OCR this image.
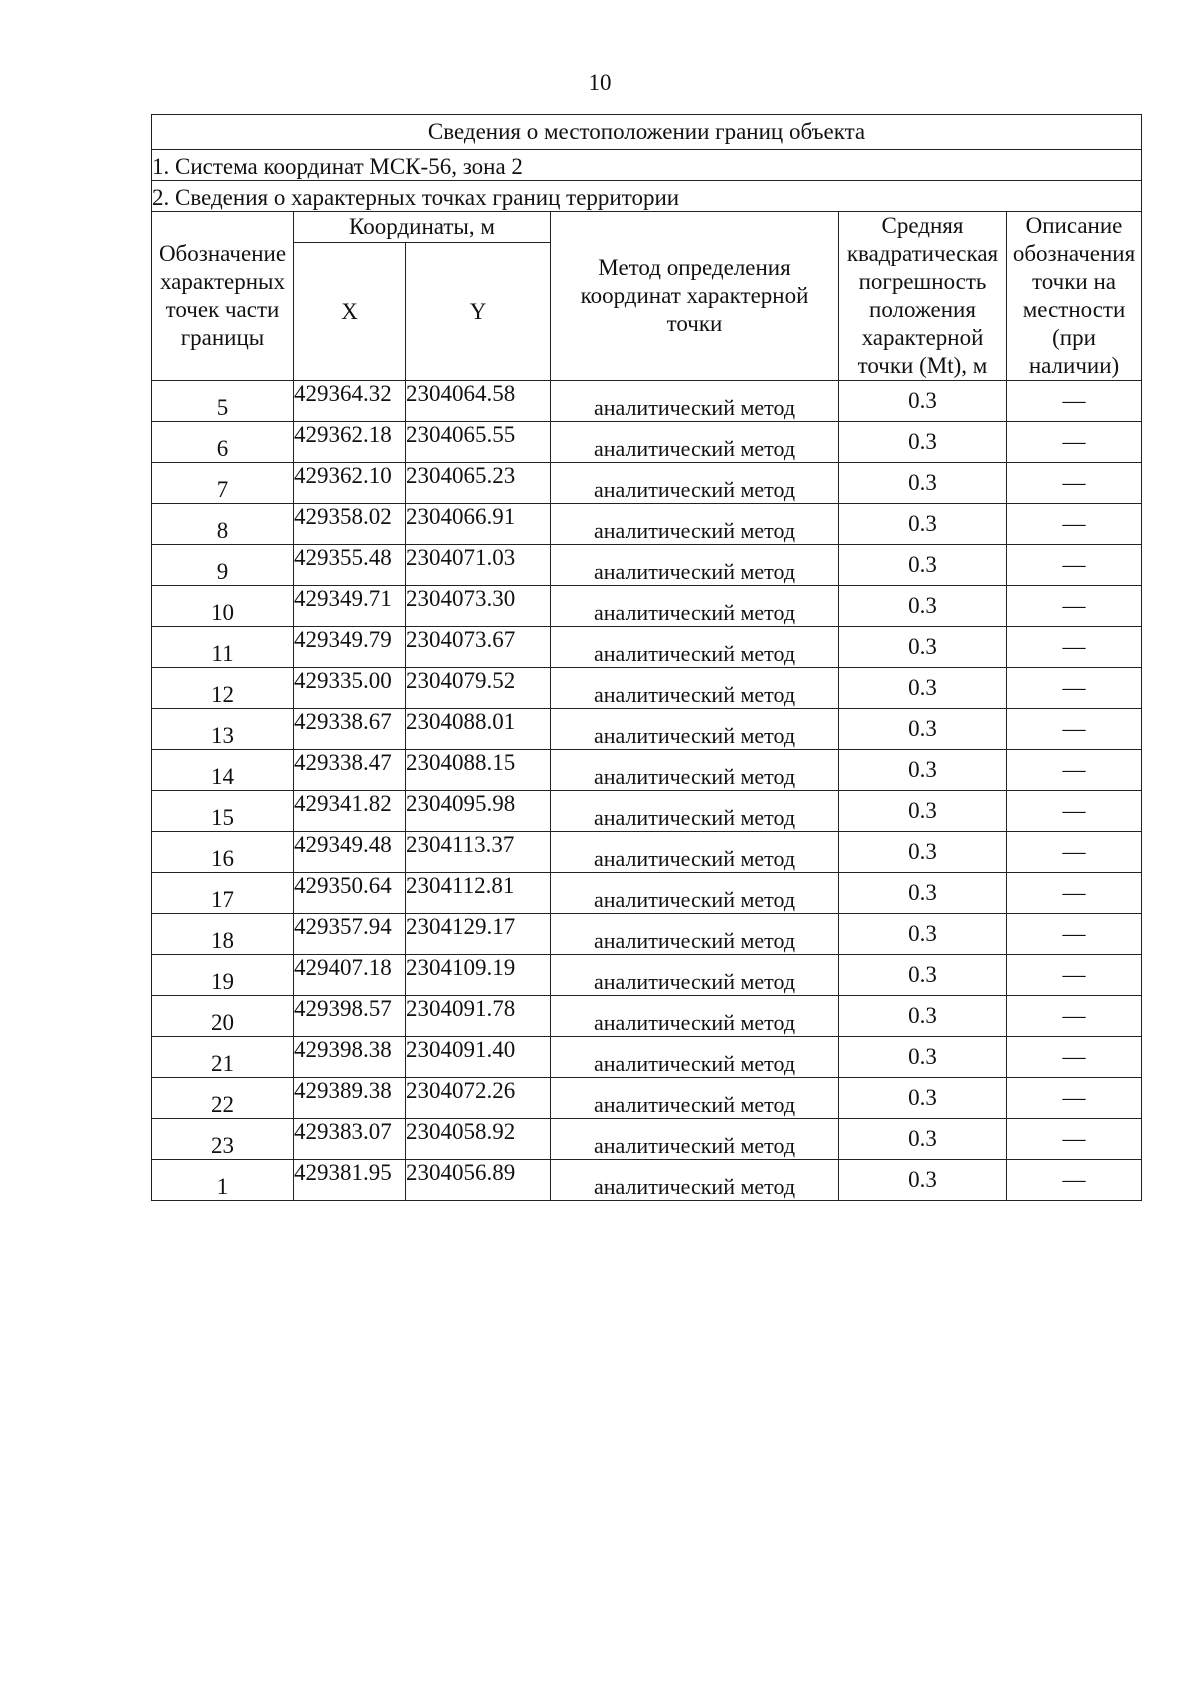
10
Сведения о местоположении границ объекта					
1. Система координат МСК-56, зона 2					
2. Сведения о характерных точках границ территории					
Обозначение характерных точек части границы	Координаты, м		Метод определения координат характерной точки	Средняя квадратическая погрешность положения характерной точки (Mt), м	Описание обозначения точки на местности (при наличии)
	X	Y			
5	429364.32	2304064.58	аналитический метод	0.3	—
6	429362.18	2304065.55	аналитический метод	0.3	—
7	429362.10	2304065.23	аналитический метод	0.3	—
8	429358.02	2304066.91	аналитический метод	0.3	—
9	429355.48	2304071.03	аналитический метод	0.3	—
10	429349.71	2304073.30	аналитический метод	0.3	—
11	429349.79	2304073.67	аналитический метод	0.3	—
12	429335.00	2304079.52	аналитический метод	0.3	—
13	429338.67	2304088.01	аналитический метод	0.3	—
14	429338.47	2304088.15	аналитический метод	0.3	—
15	429341.82	2304095.98	аналитический метод	0.3	—
16	429349.48	2304113.37	аналитический метод	0.3	—
17	429350.64	2304112.81	аналитический метод	0.3	—
18	429357.94	2304129.17	аналитический метод	0.3	—
19	429407.18	2304109.19	аналитический метод	0.3	—
20	429398.57	2304091.78	аналитический метод	0.3	—
21	429398.38	2304091.40	аналитический метод	0.3	—
22	429389.38	2304072.26	аналитический метод	0.3	—
23	429383.07	2304058.92	аналитический метод	0.3	—
1	429381.95	2304056.89	аналитический метод	0.3	—
